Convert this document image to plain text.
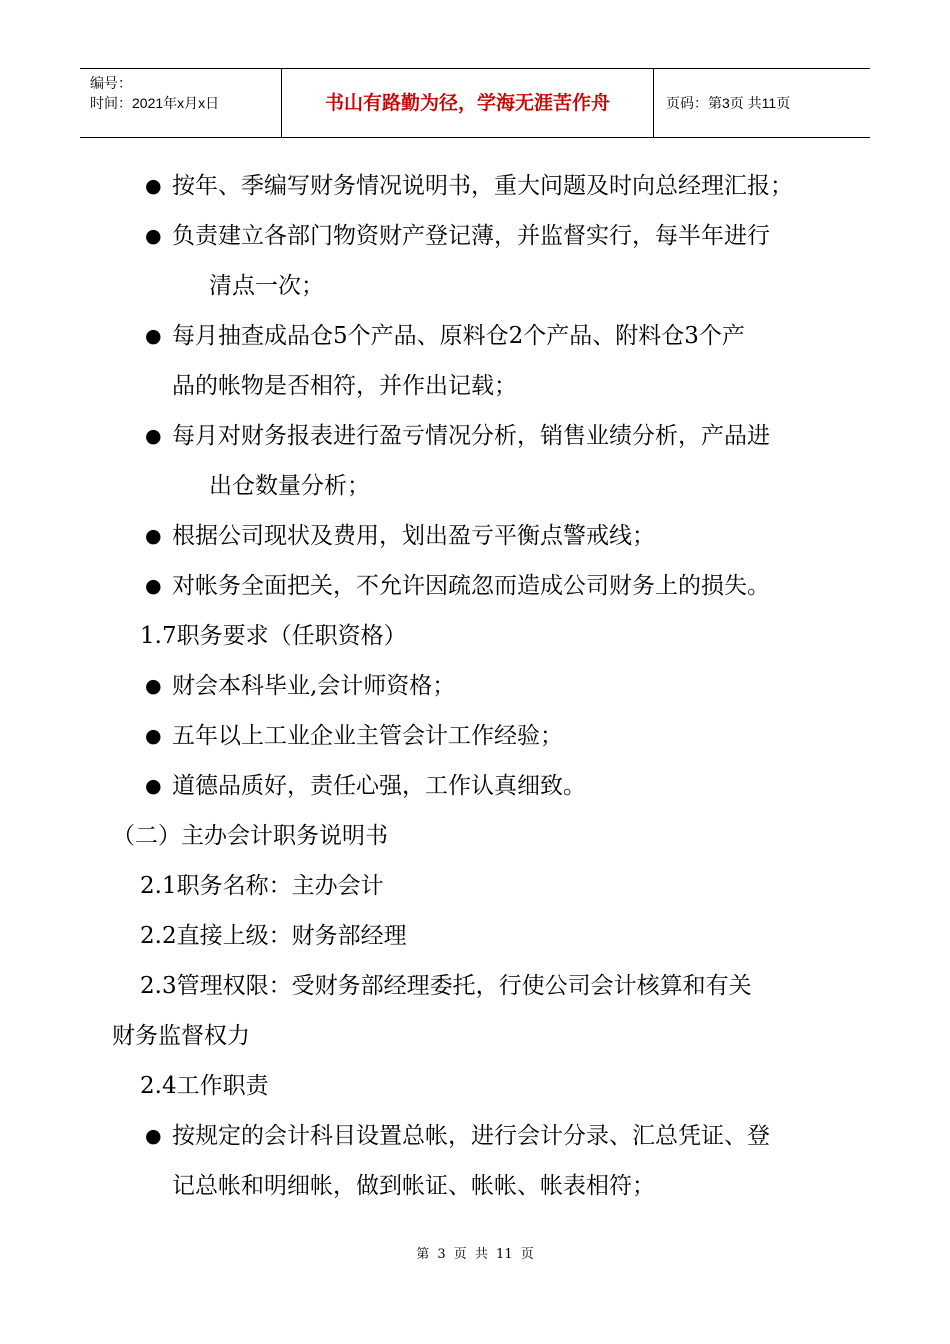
编号：
时间：2021年x月x日	书山有路勤为径，学海无涯苦作舟	页码：第3页 共11页
● 按年、季编写财务情况说明书，重大问题及时向总经理汇报；
● 负责建立各部门物资财产登记薄，并监督实行，每半年进行
清点一次；
● 每月抽查成品仓5个产品、原料仓2个产品、附料仓3个产
品的帐物是否相符，并作出记载；
● 每月对财务报表进行盈亏情况分析，销售业绩分析，产品进
出仓数量分析；
● 根据公司现状及费用，划出盈亏平衡点警戒线；
● 对帐务全面把关，不允许因疏忽而造成公司财务上的损失。
1.7职务要求（任职资格）
● 财会本科毕业,会计师资格；
● 五年以上工业企业主管会计工作经验；
● 道德品质好，责任心强，工作认真细致。
（二）主办会计职务说明书
2.1职务名称：主办会计
2.2直接上级：财务部经理
2.3管理权限：受财务部经理委托，行使公司会计核算和有关
财务监督权力
2.4工作职责
● 按规定的会计科目设置总帐，进行会计分录、汇总凭证、登
记总帐和明细帐，做到帐证、帐帐、帐表相符；
第 3 页 共 11 页
